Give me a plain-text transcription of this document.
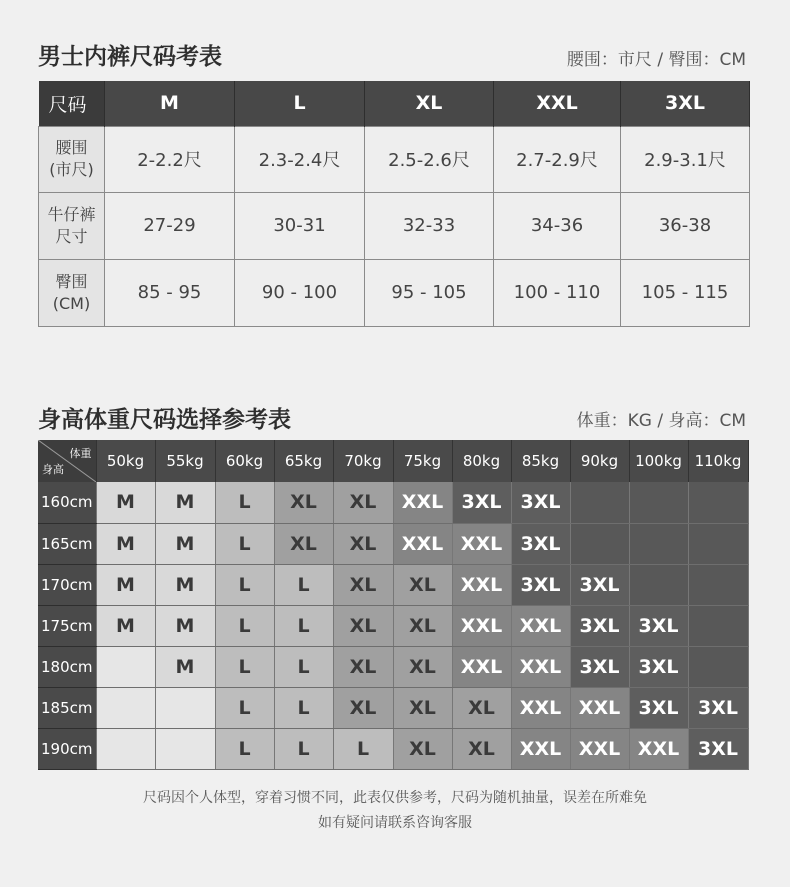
男士内裤尺码考表	腰围：市尺 / 臀围：CM
尺码	M	L	XL	XXL	3XL

腰围
(市尺)	2-2.2尺	2.3-2.4尺	2.5-2.6尺	2.7-2.9尺	2.9-3.1尺

牛仔裤
尺寸	27-29	30-31	32-33	34-36	36-38

臀围
(CM)	85 - 95	90 - 100	95 - 105	100 - 110	105 - 115
身高体重尺码选择参考表	体重：KG / 身高：CM
体重
身高	50kg	55kg	60kg	65kg	70kg	75kg	80kg	85kg	90kg	100kg	110kg
160cm	M	M	L	XL	XL	XXL	3XL	3XL			
165cm	M	M	L	XL	XL	XXL	XXL	3XL			
170cm	M	M	L	L	XL	XL	XXL	3XL	3XL		
175cm	M	M	L	L	XL	XL	XXL	XXL	3XL	3XL	
180cm		M	L	L	XL	XL	XXL	XXL	3XL	3XL	
185cm			L	L	XL	XL	XL	XXL	XXL	3XL	3XL
190cm			L	L	L	XL	XL	XXL	XXL	XXL	3XL
尺码因个人体型，穿着习惯不同，此表仅供参考，尺码为随机抽量，误差在所难免
如有疑问请联系咨询客服
